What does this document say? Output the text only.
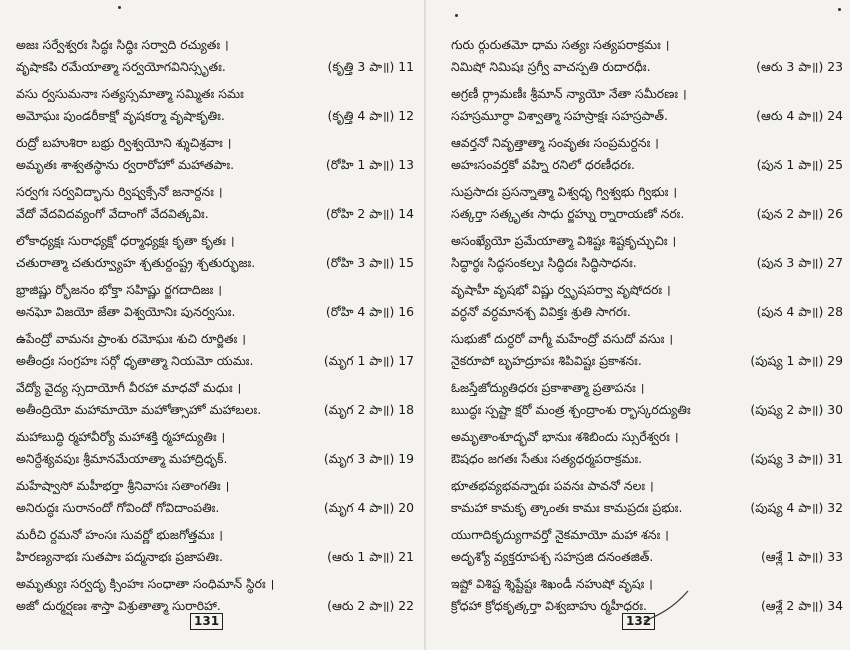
అజః సర్వేశ్వరః సిద్ధః సిద్ధిః సర్వాది రచ్యుతః ।
వృషాకపి రమేయాత్మా సర్వయోగవినిస్సృతః.	(కృత్తి 3 పా॥) 11
వసు ర్వసుమనాః సత్యస్సమాత్మా సమ్మితః సమః
అమోఘః పుండరీకాక్షో వృషకర్మా వృషాకృతిః.	(కృత్తి 4 పా॥) 12
రుద్రో బహుశిరా బభ్రు ర్విశ్వయోని శ్శుచిశ్రవాః ।
అమృతః శాశ్వతస్థాను ర్వరారోహో మహాతపాః.	(రోహి 1 పా॥) 13
సర్వగః సర్వవిద్భాను ర్విష్వక్సేనో జనార్దనః ।
వేదో వేదవిదవ్యంగో వేదాంగో వేదవిత్కవిః.	(రోహి 2 పా॥) 14
లోకాధ్యక్షః సురాధ్యక్షో ధర్మాధ్యక్షః కృతా కృతః ।
చతురాత్మా చతుర్వ్యూహ శ్చతుర్దంష్ట్ర శ్చతుర్భుజః.	(రోహి 3 పా॥) 15
భ్రాజిష్ణు ర్భోజనం భోక్తా సహిష్ణు ర్జగదాదిజః ।
అనఘో విజయో జేతా విశ్వయోనిః పునర్వసుః.	(రోహి 4 పా॥) 16
ఉపేంద్రో వామనః ప్రాంశు రమోఘః శుచి రూర్జితః ।
అతీంద్రః సంగ్రహః సర్గో ధృతాత్మా నియమో యమః.	(మృగ 1 పా॥) 17
వేద్యో వైద్య స్సదాయోగీ వీరహా మాధవో మధుః ।
అతీంద్రియో మహామాయో మహోత్సాహో మహాబలః.	(మృగ 2 పా॥) 18
మహాబుద్ధి ర్మహావీర్యో మహాశక్తి ర్మహాద్యుతిః ।
అనిర్దేశ్యవపుః శ్రీమానమేయాత్మా మహాద్రిధృక్.	(మృగ 3 పా॥) 19
మహేష్వాసో మహీభర్తా శ్రీనివాసః సతాంగతిః ।
అనిరుద్ధః సురానందో గోవిందో గోవిదాంపతిః.	(మృగ 4 పా॥) 20
మరీచి ర్దమనో హంసః సువర్ణో భుజగోత్తమః ।
హిరణ్యనాభః సుతపాః పద్మనాభః ప్రజాపతిః.	(ఆరు 1 పా॥) 21
అమృత్యుః సర్వదృ క్సింహః సంధాతా సంధిమాన్ స్థిరః ।
అజో దుర్మర్షణః శాస్తా విశ్రుతాత్మా సురారిహా.	(ఆరు 2 పా॥) 22
131
గురు ర్గురుతమో ధామ సత్యః సత్యపరాక్రమః ।
నిమిషో నిమిషః స్రగ్వీ వాచస్పతి రుదారధీః.	(ఆరు 3 పా॥) 23
అగ్రణీ ర్గ్రామణీః శ్రీమాన్ న్యాయో నేతా సమీరణః ।
సహస్రమూర్ధా విశ్వాత్మా సహస్రాక్షః సహస్రపాత్.	(ఆరు 4 పా॥) 24
ఆవర్తనో నివృత్తాత్మా సంవృతః సంప్రమర్దనః ।
అహఃసంవర్తకో వహ్ని రనిలో ధరణీధరః.	(పున 1 పా॥) 25
సుప్రసాదః ప్రసన్నాత్మా విశ్వధృ గ్విశ్వభు గ్విభుః ।
సత్కర్తా సత్కృతః సాధు ర్జహ్ను ర్నారాయణో నరః.	(పున 2 పా॥) 26
అసంఖ్యేయో ప్రమేయాత్మా విశిష్టః శిష్టకృచ్ఛుచిః ।
సిద్ధార్థః సిద్ధసంకల్పః సిద్ధిదః సిద్ధిసాధనః.	(పున 3 పా॥) 27
వృషాహీ వృషభో విష్ణు ర్వృషపర్వా వృషోదరః ।
వర్ధనో వర్ధమానశ్చ వివిక్తః శ్రుతి సాగరః.	(పున 4 పా॥) 28
సుభుజో దుర్ధరో వాగ్మీ మహేంద్రో వసుదో వసుః ।
నైకరూపో బృహద్రూపః శిపివిష్టః ప్రకాశనః.	(పుష్య 1 పా॥) 29
ఓజస్తేజోద్యుతిధరః ప్రకాశాత్మా ప్రతాపనః ।
ఋద్ధః స్పష్టా క్షరో మంత్ర శ్చంద్రాంశు ర్భాస్కరద్యుతిః	(పుష్య 2 పా॥) 30
అమృతాంశూద్భవో భానుః శశిబిందు స్సురేశ్వరః ।
ఔషధం జగతః సేతుః సత్యధర్మపరాక్రమః.	(పుష్య 3 పా॥) 31
భూతభవ్యభవన్నాథః పవనః పావనో నలః ।
కామహా కామకృ త్కాంతః కామః కామప్రదః ప్రభుః.	(పుష్య 4 పా॥) 32
యుగాదికృద్యుగావర్తో నైకమాయో మహా శనః ।
అదృశ్యో వ్యక్తరూపశ్చ సహస్రజి దనంతజిత్.	(ఆశ్లే 1 పా॥) 33
ఇష్టో విశిష్ట శ్శిష్టేష్టః శిఖండీ నహుషో వృషః ।
క్రోధహా క్రోధకృత్కర్తా విశ్వబాహు ర్మహీధరః.	(ఆశ్లే 2 పా॥) 34
132
